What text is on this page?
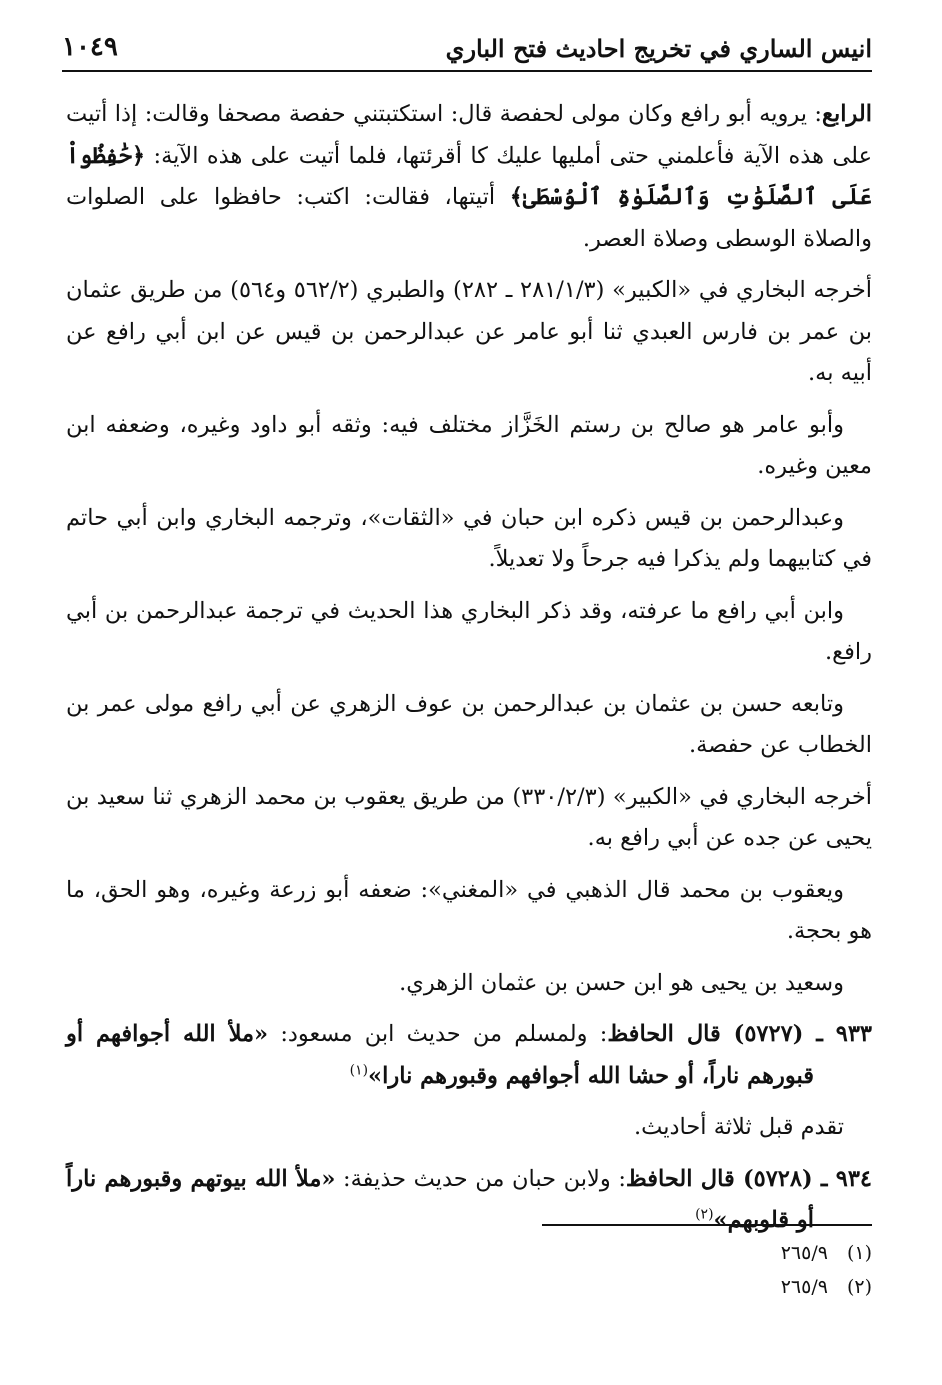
انيس الساري في تخريج احاديث فتح الباري
١٠٤٩

الرابع: يرويه أبو رافع وكان مولى لحفصة قال: استكتبتني حفصة مصحفا وقالت: إذا أتيت على هذه الآية فأعلمني حتى أمليها عليك كا أقرئتها، فلما أتيت على هذه الآية: ﴿حَٰفِظُواْ عَلَى ٱلصَّلَوَٰتِ وَٱلصَّلَوٰةِ ٱلْوُسْطَىٰ﴾ أتيتها، فقالت: اكتب: حافظوا على الصلوات والصلاة الوسطى وصلاة العصر.

أخرجه البخاري في «الكبير» (٢٨١/١/٣ ـ ٢٨٢) والطبري (٥٦٢/٢ و٥٦٤) من طريق عثمان بن عمر بن فارس العبدي ثنا أبو عامر عن عبدالرحمن بن قيس عن ابن أبي رافع عن أبيه به.

وأبو عامر هو صالح بن رستم الخَزَّاز مختلف فيه: وثقه أبو داود وغيره، وضعفه ابن معين وغيره.

وعبدالرحمن بن قيس ذكره ابن حبان في «الثقات»، وترجمه البخاري وابن أبي حاتم في كتابيهما ولم يذكرا فيه جرحاً ولا تعديلاً.

وابن أبي رافع ما عرفته، وقد ذكر البخاري هذا الحديث في ترجمة عبدالرحمن بن أبي رافع.

وتابعه حسن بن عثمان بن عبدالرحمن بن عوف الزهري عن أبي رافع مولى عمر بن الخطاب عن حفصة.

أخرجه البخاري في «الكبير» (٣٣٠/٢/٣) من طريق يعقوب بن محمد الزهري ثنا سعيد بن يحيى عن جده عن أبي رافع به.

ويعقوب بن محمد قال الذهبي في «المغني»: ضعفه أبو زرعة وغيره، وهو الحق، ما هو بحجة.

وسعيد بن يحيى هو ابن حسن بن عثمان الزهري.

٩٣٣ ـ (٥٧٢٧) قال الحافظ: ولمسلم من حديث ابن مسعود: «ملأ الله أجوافهم أو قبورهم ناراً، أو حشا الله أجوافهم وقبورهم نارا»$^{(١)}$

تقدم قبل ثلاثة أحاديث.

٩٣٤ ـ (٥٧٢٨) قال الحافظ: ولابن حبان من حديث حذيفة: «ملأ الله بيوتهم وقبورهم ناراً أو قلوبهم»$^{(٢)}$

(١) ٢٦٥/٩
(٢) ٢٦٥/٩
